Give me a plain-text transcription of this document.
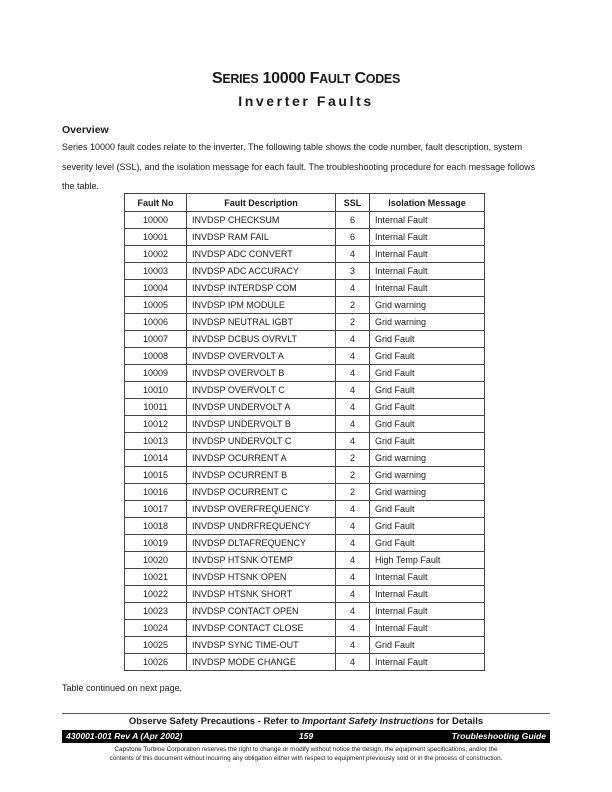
SERIES 10000 FAULT CODES
Inverter Faults
Overview
Series 10000 fault codes relate to the inverter. The following table shows the code number, fault description, system severity level (SSL), and the isolation message for each fault. The troubleshooting procedure for each message follows the table.
Fault No	Fault Description	SSL	Isolation Message
10000	INVDSP CHECKSUM	6	Internal Fault
10001	INVDSP RAM FAIL	6	Internal Fault
10002	INVDSP ADC CONVERT	4	Internal Fault
10003	INVDSP ADC ACCURACY	3	Internal Fault
10004	INVDSP INTERDSP COM	4	Internal Fault
10005	INVDSP IPM MODULE	2	Grid warning
10006	INVDSP NEUTRAL IGBT	2	Grid warning
10007	INVDSP DCBUS OVRVLT	4	Grid Fault
10008	INVDSP OVERVOLT A	4	Grid Fault
10009	INVDSP OVERVOLT B	4	Grid Fault
10010	INVDSP OVERVOLT C	4	Grid Fault
10011	INVDSP UNDERVOLT A	4	Grid Fault
10012	INVDSP UNDERVOLT B	4	Grid Fault
10013	INVDSP UNDERVOLT C	4	Grid Fault
10014	INVDSP OCURRENT A	2	Grid warning
10015	INVDSP OCURRENT B	2	Grid warning
10016	INVDSP OCURRENT C	2	Grid warning
10017	INVDSP OVERFREQUENCY	4	Grid Fault
10018	INVDSP UNDRFREQUENCY	4	Grid Fault
10019	INVDSP DLTAFREQUENCY	4	Grid Fault
10020	INVDSP HTSNK OTEMP	4	High Temp Fault
10021	INVDSP HTSNK OPEN	4	Internal Fault
10022	INVDSP HTSNK SHORT	4	Internal Fault
10023	INVDSP CONTACT OPEN	4	Internal Fault
10024	INVDSP CONTACT CLOSE	4	Internal Fault
10025	INVDSP SYNC TIME-OUT	4	Grid Fault
10026	INVDSP MODE CHANGE	4	Internal Fault
Table continued on next page.
Observe Safety Precautions - Refer to Important Safety Instructions for Details
159
430001-001 Rev A (Apr 2002)	Troubleshooting Guide
Capstone Turbine Corporation reserves the right to change or modify without notice the design, the equipment specifications, and/or the
contents of this document without incurring any obligation either with respect to equipment previously sold or in the process of construction.
